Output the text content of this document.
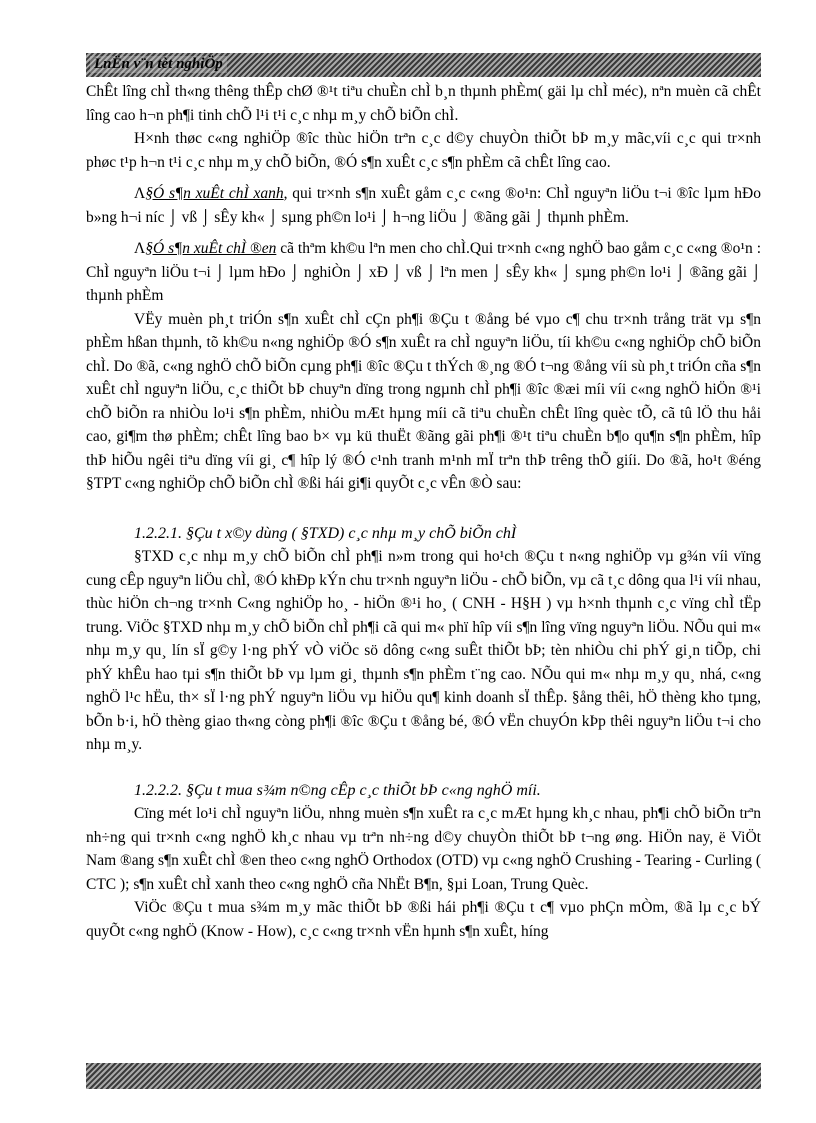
LnËn v¨n tèt nghiÖp

ChÊt lîng chÌ th«ng thêng thÊp chØ ®¹t tiªu chuÈn chÌ b¸n thµnh phÈm( gäi lµ chÌ méc), nªn muèn cã chÊt lîng cao h¬n ph¶i tinh chÕ l¹i t¹i c¸c nhµ m¸y chÕ biÕn chÌ.

H×nh thøc c«ng nghiÖp ®îc thùc hiÖn trªn c¸c d©y chuyÒn thiÕt bÞ m¸y mãc,víi c¸c qui tr×nh phøc t¹p h¬n t¹i c¸c nhµ m¸y chÕ biÕn, ®Ó s¶n xuÊt c¸c s¶n phÈm cã chÊt lîng cao.

Λ§Ó s¶n xuÊt chÌ xanh, qui tr×nh s¶n xuÊt gåm c¸c c«ng ®o¹n: ChÌ nguyªn liÖu t¬i ®îc lµm hÐo b»ng h¬i níc ⌡ vß ⌡ sÊy kh« ⌡ sµng ph©n lo¹i ⌡ h¬ng liÖu ⌡ ®ãng gãi ⌡ thµnh phÈm.

Λ§Ó s¶n xuÊt chÌ ®en cã thªm kh©u lªn men cho chÌ.Qui tr×nh c«ng nghÖ bao gåm c¸c c«ng ®o¹n : ChÌ nguyªn liÖu t¬i ⌡ lµm hÐo ⌡ nghiÒn ⌡ xÐ ⌡ vß ⌡ lªn men ⌡ sÊy kh« ⌡ sµng ph©n lo¹i ⌡ ®ãng gãi ⌡ thµnh phÈm

VËy muèn ph¸t triÓn s¶n xuÊt chÌ cÇn ph¶i ®Çu t ®ång bé vµo c¶ chu tr×nh trång trät vµ s¶n phÈm hßan thµnh, tõ kh©u n«ng nghiÖp ®Ó s¶n xuÊt ra chÌ nguyªn liÖu, tíi kh©u c«ng nghiÖp chÕ biÕn chÌ. Do ®ã, c«ng nghÖ chÕ biÕn cµng ph¶i ®îc ®Çu t thÝch ®¸ng ®Ó t¬ng ®ång víi sù ph¸t triÓn cña s¶n xuÊt chÌ nguyªn liÖu, c¸c thiÕt bÞ chuyªn dïng trong ngµnh chÌ ph¶i ®îc ®æi míi víi c«ng nghÖ hiÖn ®¹i chÕ biÕn ra nhiÒu lo¹i s¶n phÈm, nhiÒu mÆt hµng míi cã tiªu chuÈn chÊt lîng quèc tÕ, cã tû lÖ thu håi cao, gi¶m thø phÈm; chÊt lîng bao b× vµ kü thuËt ®ãng gãi ph¶i ®¹t tiªu chuÈn b¶o qu¶n s¶n phÈm, hîp thÞ hiÕu ngêi tiªu dïng víi gi¸ c¶ hîp lý ®Ó c¹nh tranh m¹nh mÏ trªn thÞ trêng thÕ giíi. Do ®ã, ho¹t ®éng §TPT c«ng nghiÖp chÕ biÕn chÌ ®ßi hái gi¶i quyÕt c¸c vÊn ®Ò sau:

1.2.2.1. §Çu t x©y dùng ( §TXD) c¸c nhµ m¸y chÕ biÕn chÌ

§TXD c¸c nhµ m¸y chÕ biÕn chÌ ph¶i n»m trong qui ho¹ch ®Çu t n«ng nghiÖp vµ g¾n víi vïng cung cÊp nguyªn liÖu chÌ, ®Ó khÐp kÝn chu tr×nh nguyªn liÖu - chÕ biÕn, vµ cã t¸c dông qua l¹i víi nhau, thùc hiÖn ch¬ng tr×nh C«ng nghiÖp ho¸ - hiÖn ®¹i ho¸ ( CNH - H§H ) vµ h×nh thµnh c¸c vïng chÌ tËp trung. ViÖc §TXD nhµ m¸y chÕ biÕn chÌ ph¶i cã qui m« phï hîp víi s¶n lîng vïng nguyªn liÖu. NÕu qui m« nhµ m¸y qu¸ lín sÏ g©y l·ng phÝ vÒ viÖc sö dông c«ng suÊt thiÕt bÞ; tèn nhiÒu chi phÝ gi¸n tiÕp, chi phÝ khÊu hao tµi s¶n thiÕt bÞ vµ lµm gi¸ thµnh s¶n phÈm t¨ng cao. NÕu qui m« nhµ m¸y qu¸ nhá, c«ng nghÖ l¹c hËu, th× sÏ l·ng phÝ nguyªn liÖu vµ hiÖu qu¶ kinh doanh sÏ thÊp. §ång thêi, hÖ thèng kho tµng, bÕn b·i, hÖ thèng giao th«ng còng ph¶i ®îc ®Çu t ®ång bé, ®Ó vËn chuyÓn kÞp thêi nguyªn liÖu t¬i cho nhµ m¸y.

1.2.2.2. §Çu t mua s¾m n©ng cÊp c¸c thiÕt bÞ c«ng nghÖ míi.

Cïng mét lo¹i chÌ nguyªn liÖu, nhng muèn s¶n xuÊt ra c¸c mÆt hµng kh¸c nhau, ph¶i chÕ biÕn trªn nh÷ng qui tr×nh c«ng nghÖ kh¸c nhau vµ trªn nh÷ng d©y chuyÒn thiÕt bÞ t¬ng øng. HiÖn nay, ë ViÖt Nam ®ang s¶n xuÊt chÌ ®en theo c«ng nghÖ Orthodox (OTD) vµ c«ng nghÖ Crushing - Tearing - Curling ( CTC ); s¶n xuÊt chÌ xanh theo c«ng nghÖ cña NhËt B¶n, §µi Loan, Trung Quèc.

ViÖc ®Çu t mua s¾m m¸y mãc thiÕt bÞ ®ßi hái ph¶i ®Çu t c¶ vµo phÇn mÒm, ®ã lµ c¸c bÝ quyÕt c«ng nghÖ (Know - How), c¸c c«ng tr×nh vËn hµnh s¶n xuÊt, híng
